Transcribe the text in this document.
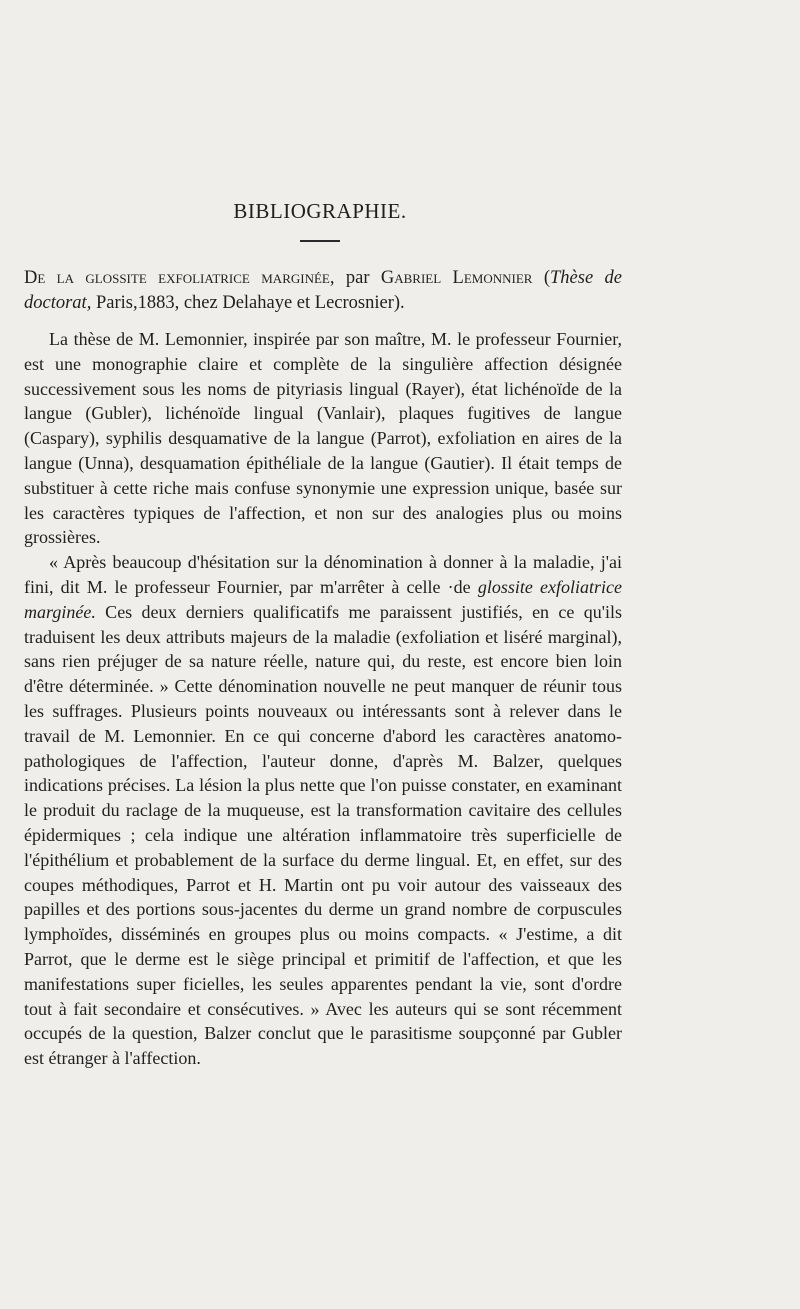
BIBLIOGRAPHIE.
De la glossite exfoliatrice marginée, par Gabriel Lemonnier (Thèse de doctorat, Paris,1883, chez Delahaye et Lecrosnier).

La thèse de M. Lemonnier, inspirée par son maître, M. le professeur Fournier, est une monographie claire et complète de la singulière affection désignée successivement sous les noms de pityriasis lingual (Rayer), état lichénoïde de la langue (Gubler), lichénoïde lingual (Vanlair), plaques fugitives de langue (Caspary), syphilis desquamative de la langue (Parrot), exfoliation en aires de la langue (Unna), desquamation épithéliale de la langue (Gautier). Il était temps de substituer à cette riche mais confuse synonymie une expression unique, basée sur les caractères typiques de l'affection, et non sur des analogies plus ou moins grossières.

« Après beaucoup d'hésitation sur la dénomination à donner à la maladie, j'ai fini, dit M. le professeur Fournier, par m'arrêter à celle ·de glossite exfoliatrice marginée. Ces deux derniers qualificatifs me paraissent justifiés, en ce qu'ils traduisent les deux attributs majeurs de la maladie (exfoliation et liséré marginal), sans rien préjuger de sa nature réelle, nature qui, du reste, est encore bien loin d'être déterminée. » Cette dénomination nouvelle ne peut manquer de réunir tous les suffrages. Plusieurs points nouveaux ou intéressants sont à relever dans le travail de M. Lemonnier. En ce qui concerne d'abord les caractères anatomo-pathologiques de l'affection, l'auteur donne, d'après M. Balzer, quelques indications précises. La lésion la plus nette que l'on puisse constater, en examinant le produit du raclage de la muqueuse, est la transformation cavitaire des cellules épidermiques ; cela indique une altération inflammatoire très superficielle de l'épithélium et probablement de la surface du derme lingual. Et, en effet, sur des coupes méthodiques, Parrot et H. Martin ont pu voir autour des vaisseaux des papilles et des portions sous-jacentes du derme un grand nombre de corpuscules lymphoïdes, disséminés en groupes plus ou moins compacts. « J'estime, a dit Parrot, que le derme est le siège principal et primitif de l'affection, et que les manifestations super ficielles, les seules apparentes pendant la vie, sont d'ordre tout à fait secondaire et consécutives. » Avec les auteurs qui se sont récemment occupés de la question, Balzer conclut que le parasitisme soupçonné par Gubler est étranger à l'affection.
